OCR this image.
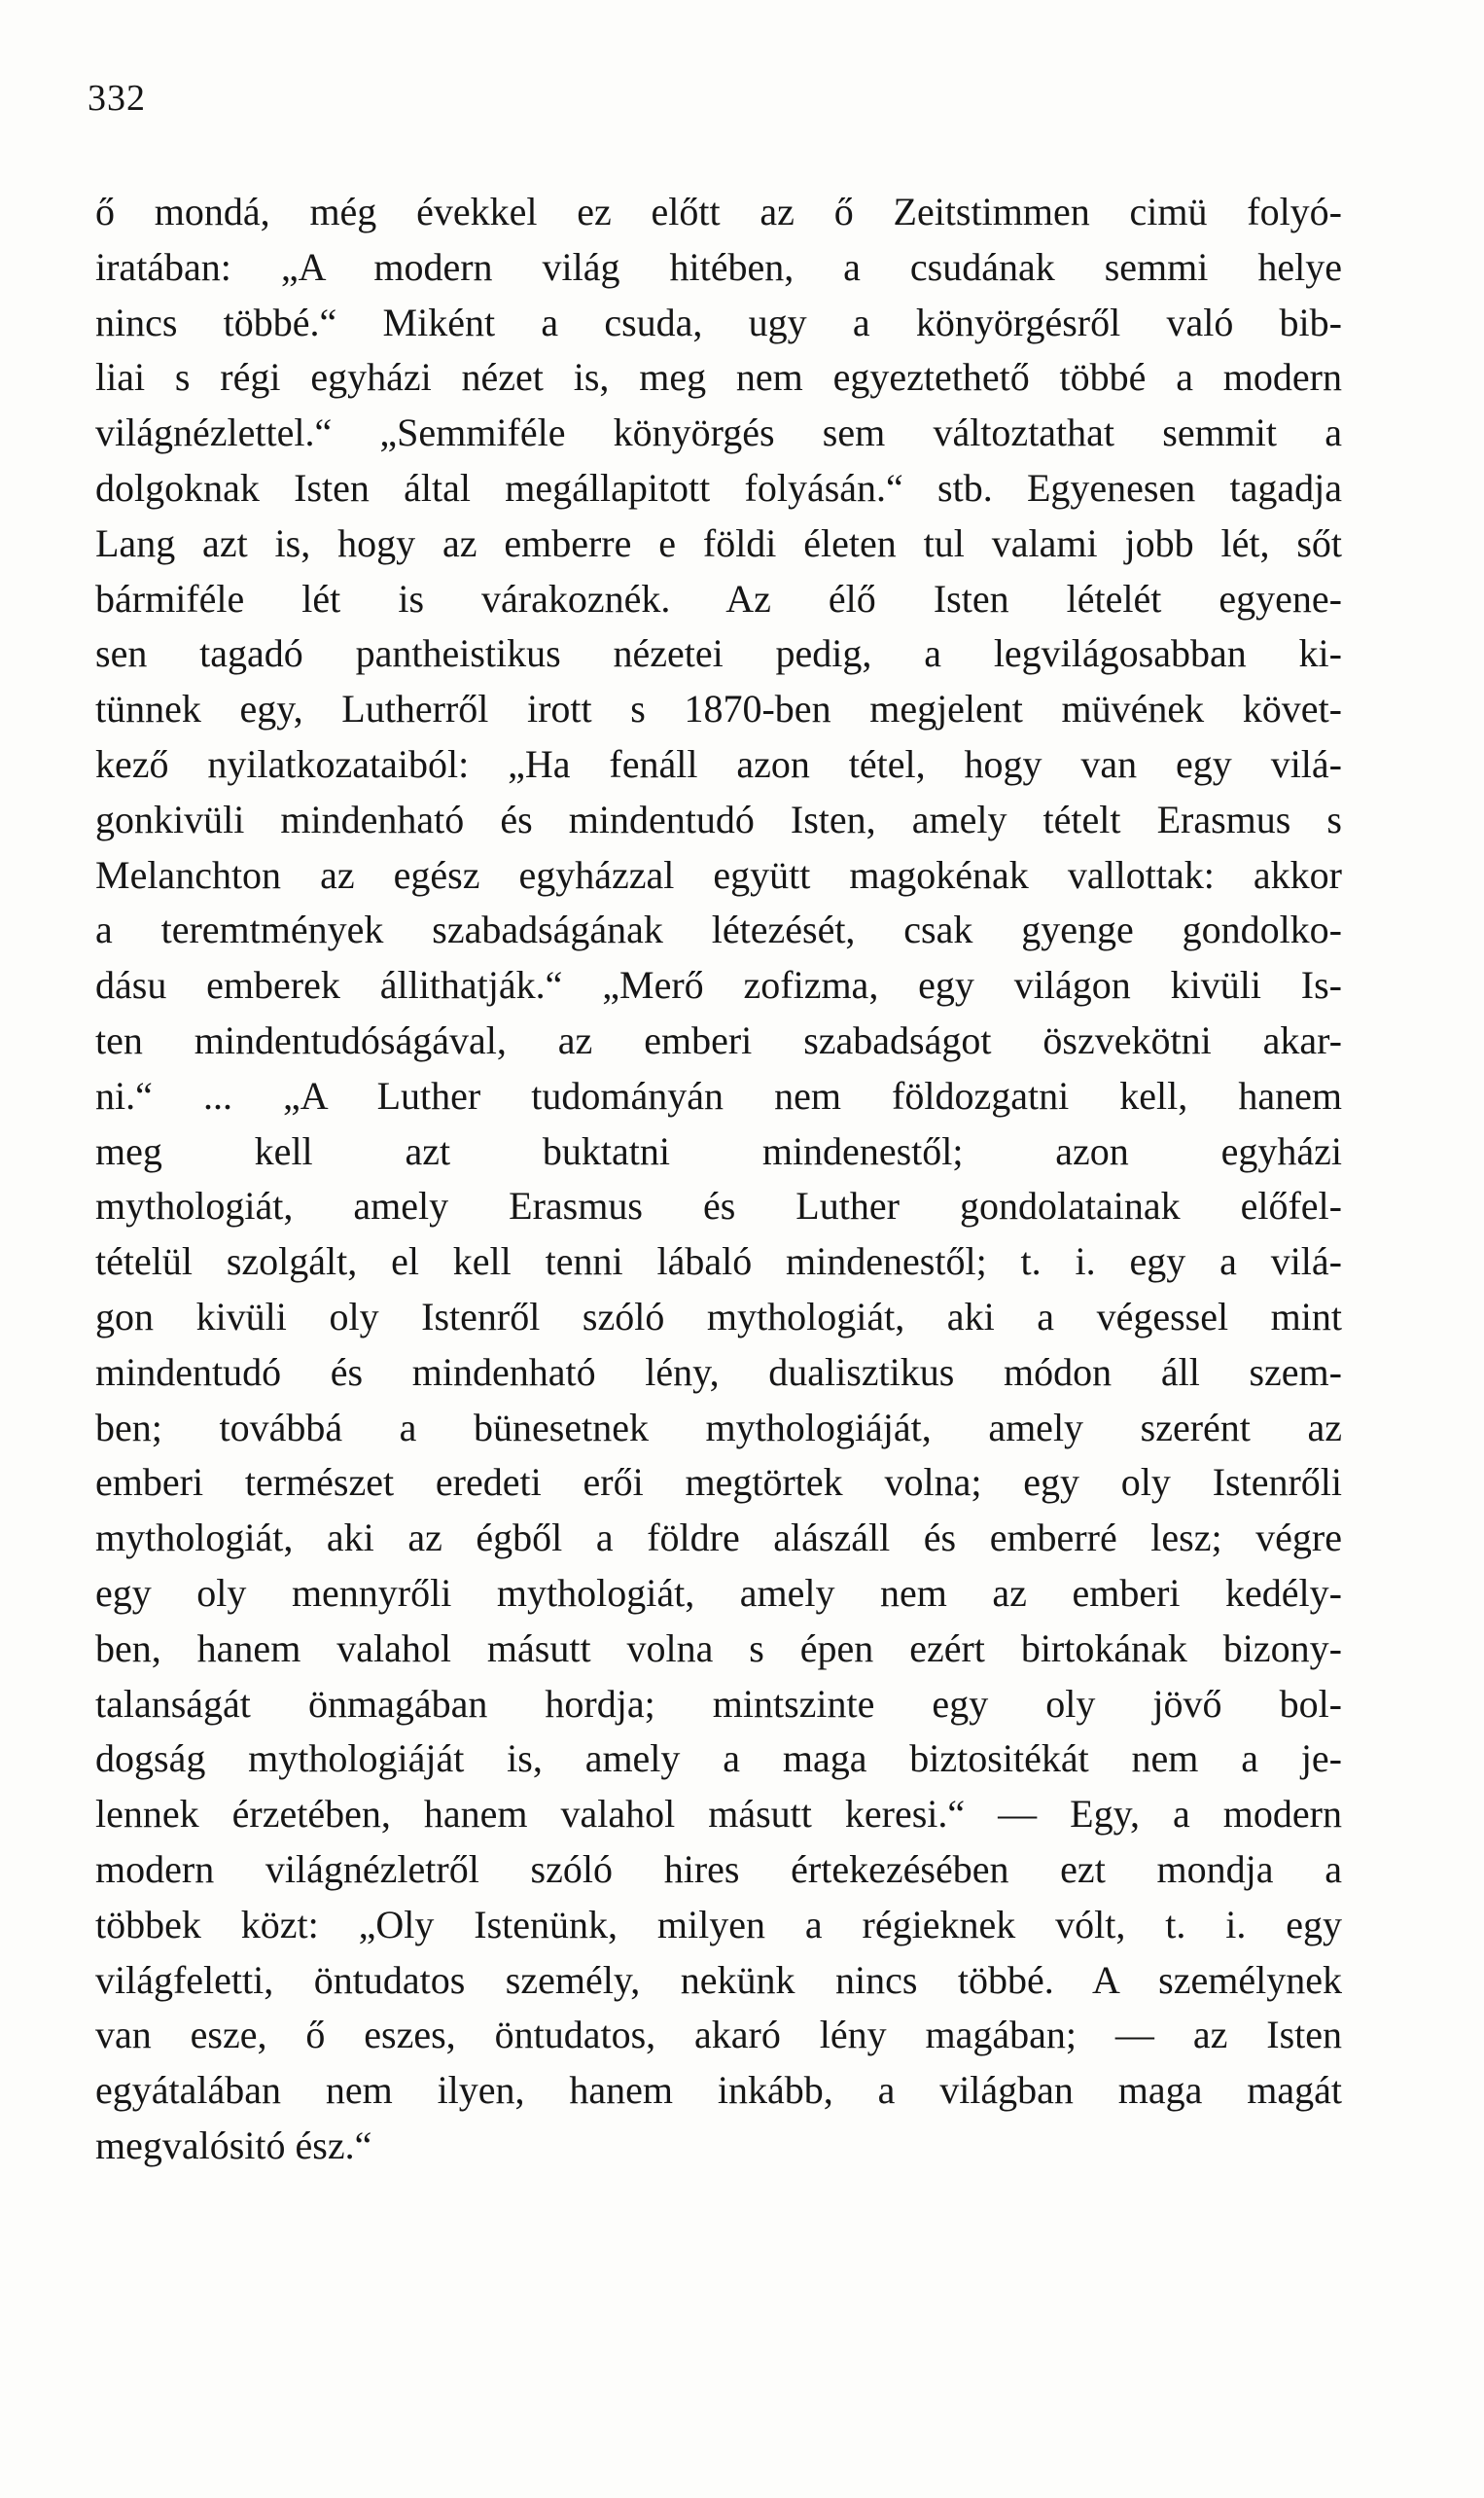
332
ő mondá, még évekkel ez előtt az ő Zeitstimmen cimü folyó-
iratában: „A modern világ hitében, a csudának semmi helye
nincs többé.“ Miként a csuda, ugy a könyörgésről való bib-
liai s régi egyházi nézet is, meg nem egyeztethető többé a modern
világnézlettel.“ „Semmiféle könyörgés sem változtathat semmit a
dolgoknak Isten által megállapitott folyásán.“ stb. Egyenesen tagadja
Lang azt is, hogy az emberre e földi életen tul valami jobb lét, sőt
bármiféle lét is várakoznék. Az élő Isten lételét egyene-
sen tagadó pantheistikus nézetei pedig, a legvilágosabban ki-
tünnek egy, Lutherről irott s 1870-ben megjelent müvének követ-
kező nyilatkozataiból: „Ha fenáll azon tétel, hogy van egy vilá-
gonkivüli mindenható és mindentudó Isten, amely tételt Erasmus s
Melanchton az egész egyházzal együtt magokénak vallottak: akkor
a teremtmények szabadságának létezését, csak gyenge gondolko-
dásu emberek állithatják.“ „Merő zofizma, egy világon kivüli Is-
ten mindentudóságával, az emberi szabadságot öszvekötni akar-
ni.“ ... „A Luther tudományán nem földozgatni kell, hanem
meg kell azt buktatni mindenestől; azon egyházi
mythologiát, amely Erasmus és Luther gondolatainak előfel-
tételül szolgált, el kell tenni lábaló mindenestől; t. i. egy a vilá-
gon kivüli oly Istenről szóló mythologiát, aki a végessel mint
mindentudó és mindenható lény, dualisztikus módon áll szem-
ben; továbbá a bünesetnek mythologiáját, amely szerént az
emberi természet eredeti erői megtörtek volna; egy oly Istenrőli
mythologiát, aki az égből a földre alászáll és emberré lesz; végre
egy oly mennyrőli mythologiát, amely nem az emberi kedély-
ben, hanem valahol másutt volna s épen ezért birtokának bizony-
talanságát önmagában hordja; mintszinte egy oly jövő bol-
dogság mythologiáját is, amely a maga biztositékát nem a je-
lennek érzetében, hanem valahol másutt keresi.“ — Egy, a modern
modern világnézletről szóló hires értekezésében ezt mondja a
többek közt: „Oly Istenünk, milyen a régieknek vólt, t. i. egy
világfeletti, öntudatos személy, nekünk nincs többé. A személynek
van esze, ő eszes, öntudatos, akaró lény magában; — az Isten
egyátalában nem ilyen, hanem inkább, a világban maga magát
megvalósitó ész.“
